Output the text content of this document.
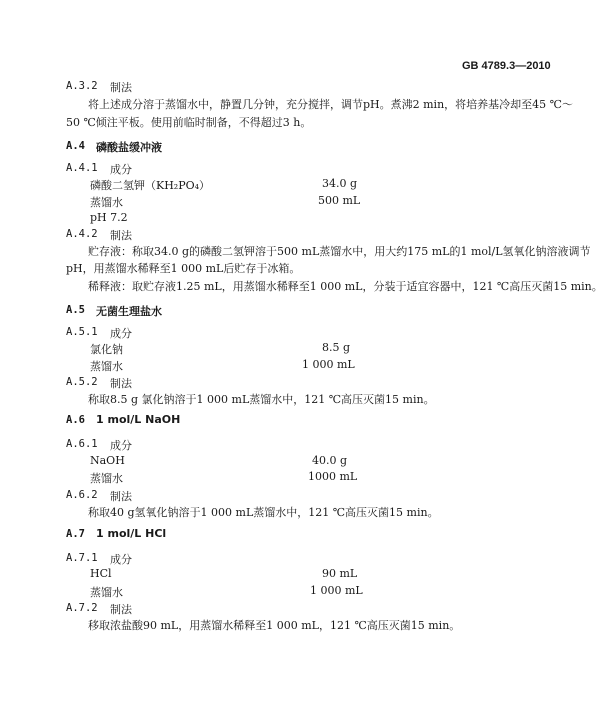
GB 4789.3—2010
A.3.2 制法
将上述成分溶于蒸馏水中，静置几分钟，充分搅拌，调节pH。煮沸2 min，将培养基冷却至45 ℃～
50 ℃倾注平板。使用前临时制备，不得超过3 h。
A.4 磷酸盐缓冲液
A.4.1 成分
磷酸二氢钾（KH₂PO₄）	34.0 g
蒸馏水	500 mL
pH 7.2
A.4.2 制法
贮存液：称取34.0 g的磷酸二氢钾溶于500 mL蒸馏水中，用大约175 mL的1 mol/L氢氧化钠溶液调节
pH，用蒸馏水稀释至1 000 mL后贮存于冰箱。
稀释液：取贮存液1.25 mL，用蒸馏水稀释至1 000 mL，分装于适宜容器中，121 ℃高压灭菌15 min。
A.5 无菌生理盐水
A.5.1 成分
氯化钠	8.5 g
蒸馏水	1 000 mL
A.5.2 制法
称取8.5 g 氯化钠溶于1 000 mL蒸馏水中，121 ℃高压灭菌15 min。
A.6 1 mol/L NaOH
A.6.1 成分
NaOH	40.0 g
蒸馏水	1000 mL
A.6.2 制法
称取40 g氢氧化钠溶于1 000 mL蒸馏水中，121 ℃高压灭菌15 min。
A.7 1 mol/L HCl
A.7.1 成分
HCl	90 mL
蒸馏水	1 000 mL
A.7.2 制法
移取浓盐酸90 mL，用蒸馏水稀释至1 000 mL，121 ℃高压灭菌15 min。
